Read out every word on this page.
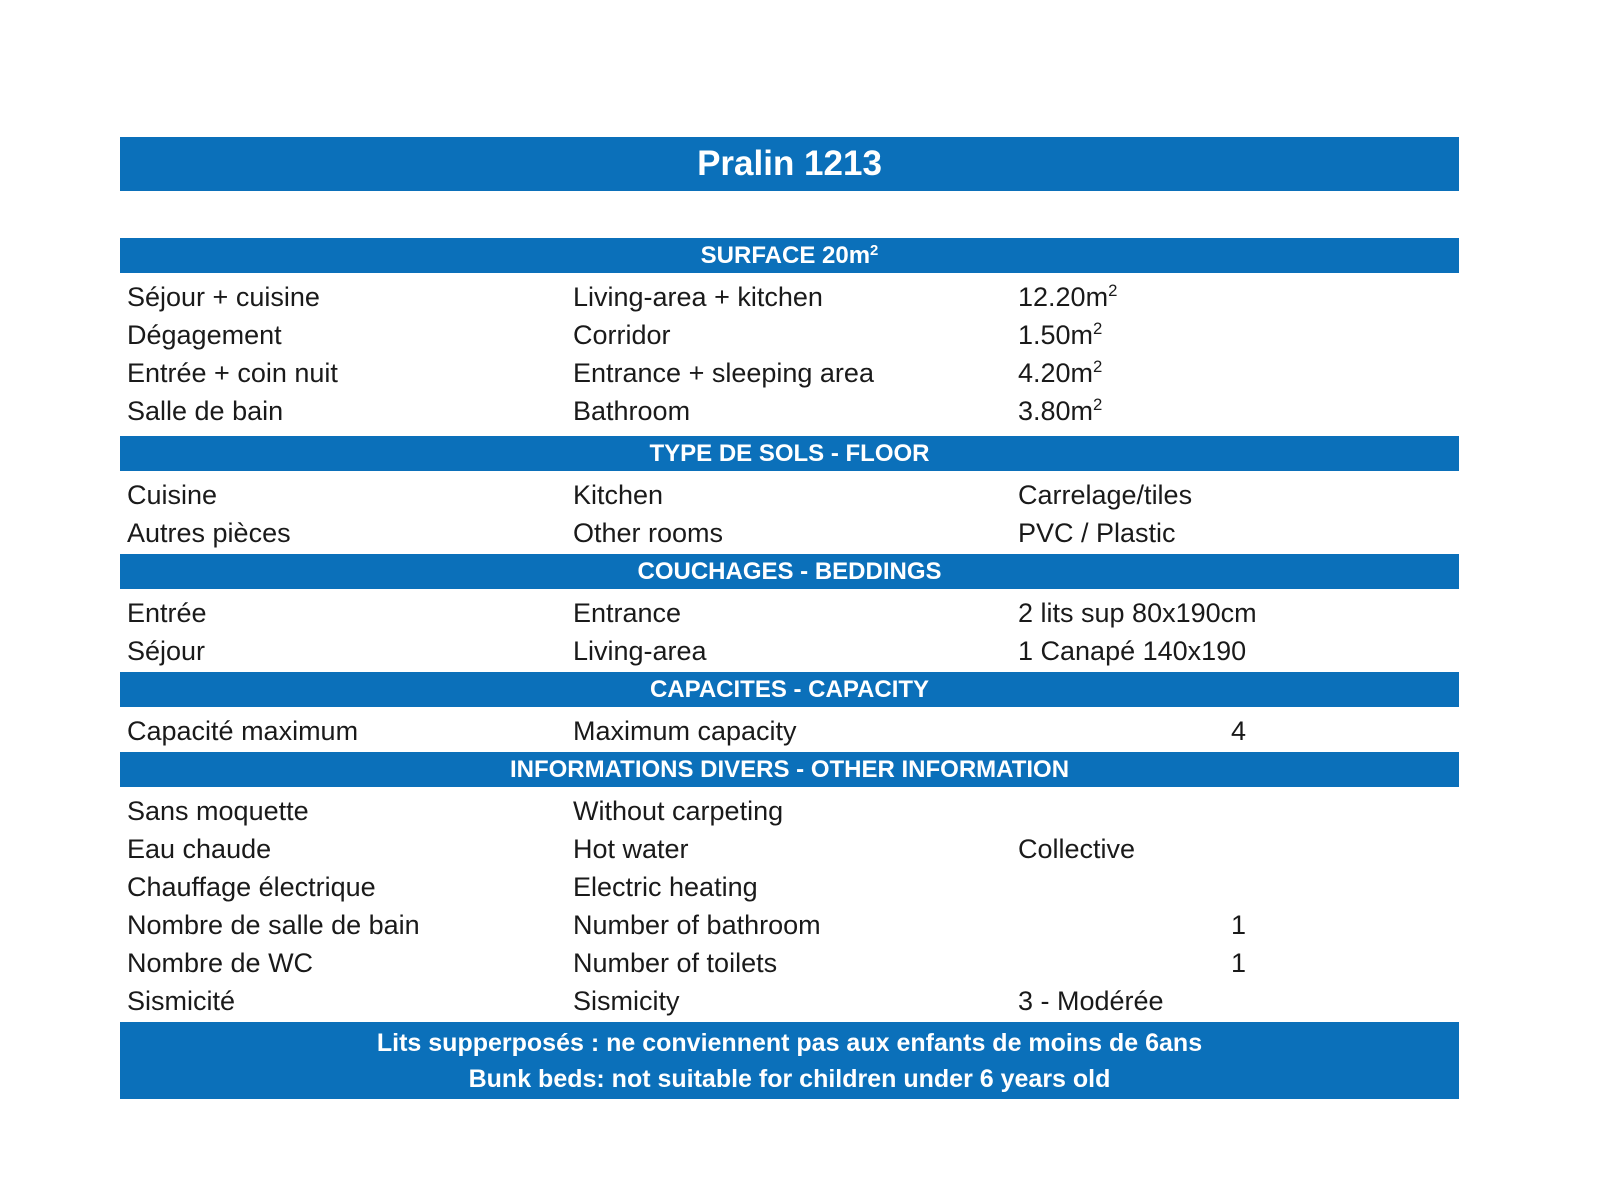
Pralin 1213
SURFACE $20m^2$
Séjour + cuisine	Living-area + kitchen	$12.20m^2$
Dégagement	Corridor	$1.50m^2$
Entrée + coin nuit	Entrance + sleeping area	$4.20m^2$
Salle de bain	Bathroom	$3.80m^2$
TYPE DE SOLS - FLOOR
Cuisine	Kitchen	Carrelage/tiles
Autres pièces	Other rooms	PVC / Plastic
COUCHAGES - BEDDINGS
Entrée	Entrance	2 lits sup 80x190cm
Séjour	Living-area	1 Canapé 140x190
CAPACITES - CAPACITY
Capacité maximum	Maximum capacity	4
INFORMATIONS DIVERS - OTHER INFORMATION
Sans moquette	Without carpeting
Eau chaude	Hot water	Collective
Chauffage électrique	Electric heating
Nombre de salle de bain	Number of bathroom	1
Nombre de WC	Number of toilets	1
Sismicité	Sismicity	3 - Modérée
Lits supperposés : ne conviennent pas aux enfants de moins de 6ans
Bunk beds: not suitable for children under 6 years old
